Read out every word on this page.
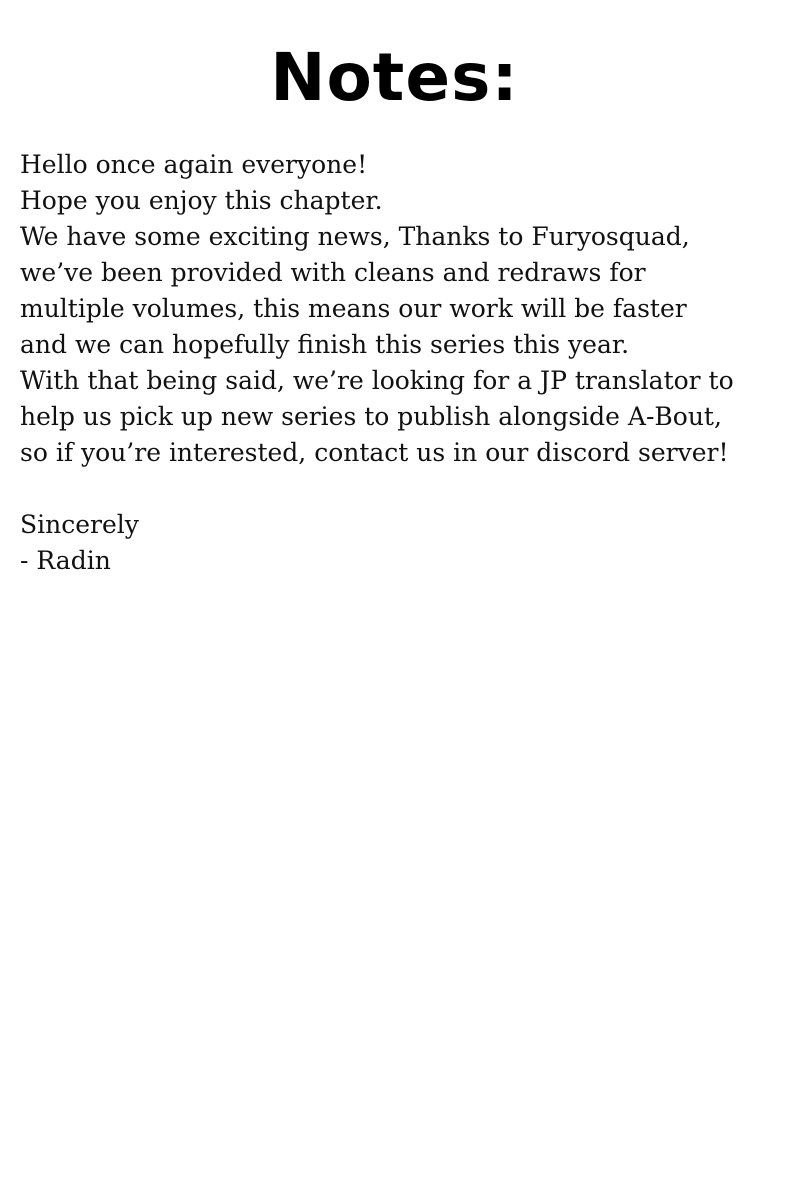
Notes:
Hello once again everyone!
Hope you enjoy this chapter.
We have some exciting news, Thanks to Furyosquad,
we’ve been provided with cleans and redraws for
multiple volumes, this means our work will be faster
and we can hopefully finish this series this year.
With that being said, we’re looking for a JP translator to
help us pick up new series to publish alongside A-Bout,
so if you’re interested, contact us in our discord server!
Sincerely
- Radin
